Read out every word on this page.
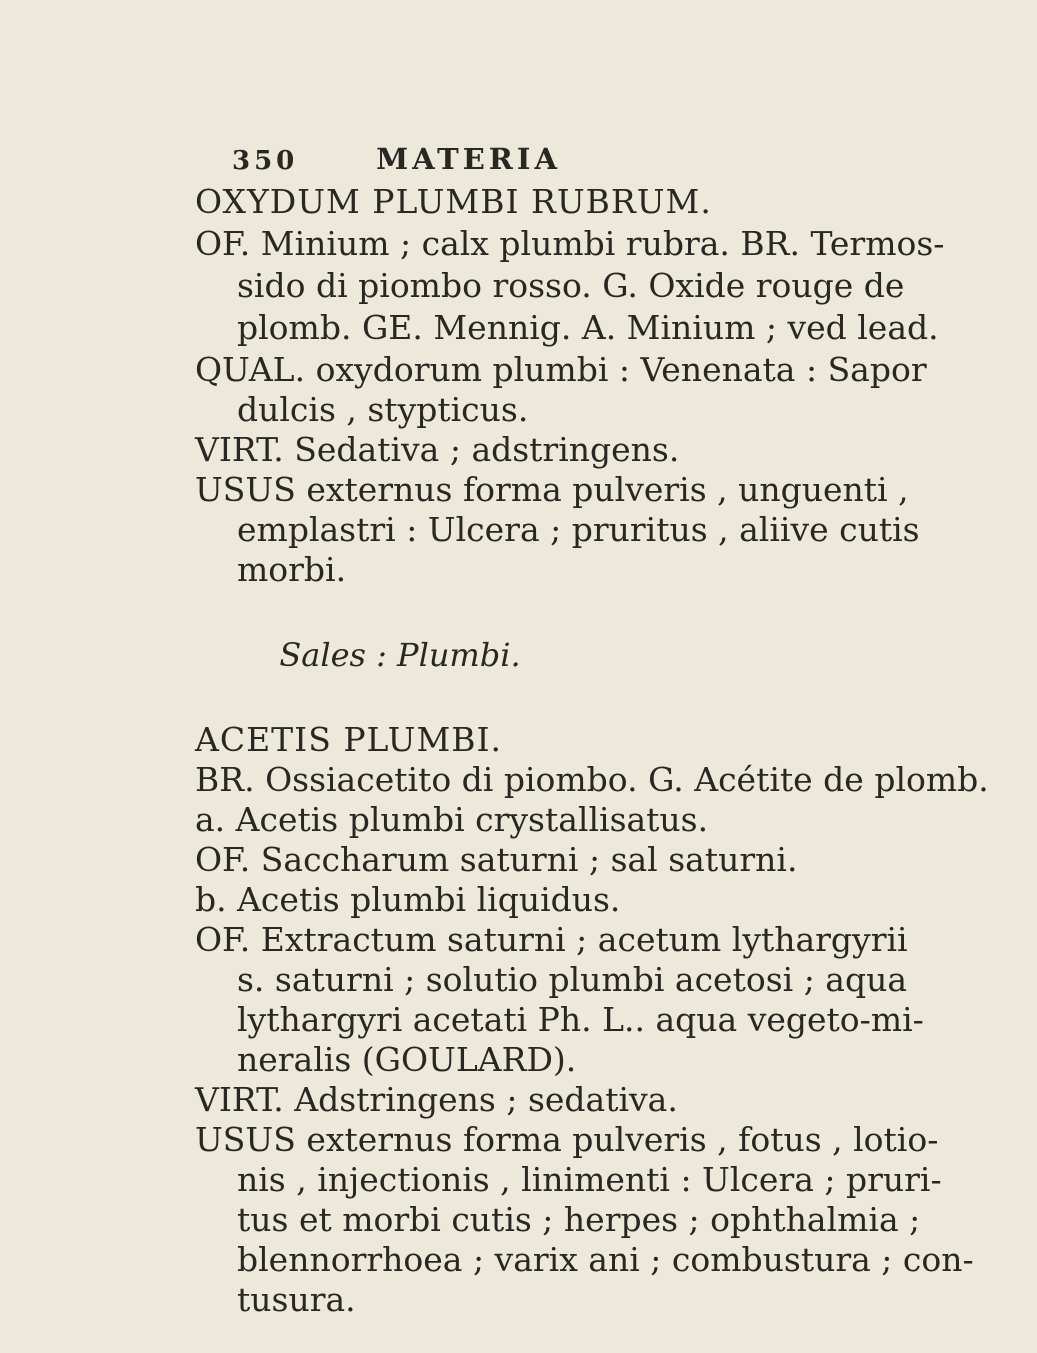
350	MATERIA
OXYDUM PLUMBI RUBRUM.
OF. Minium ; calx plumbi rubra. BR. Termos-
sido di piombo rosso. G. Oxide rouge de
plomb. GE. Mennig. A. Minium ; ved lead.
QUAL. oxydorum plumbi : Venenata : Sapor
dulcis , stypticus.
VIRT. Sedativa ; adstringens.
USUS externus forma pulveris , unguenti ,
emplastri : Ulcera ; pruritus , aliive cutis
morbi.
Sales : Plumbi.
ACETIS PLUMBI.
BR. Ossiacetito di piombo. G. Acétite de plomb.
a. Acetis plumbi crystallisatus.
OF. Saccharum saturni ; sal saturni.
b. Acetis plumbi liquidus.
OF. Extractum saturni ; acetum lythargyrii
s. saturni ; solutio plumbi acetosi ; aqua
lythargyri acetati Ph. L.. aqua vegeto-mi-
neralis (GOULARD).
VIRT. Adstringens ; sedativa.
USUS externus forma pulveris , fotus , lotio-
nis , injectionis , linimenti : Ulcera ; pruri-
tus et morbi cutis ; herpes ; ophthalmia ;
blennorrhoea ; varix ani ; combustura ; con-
tusura.
